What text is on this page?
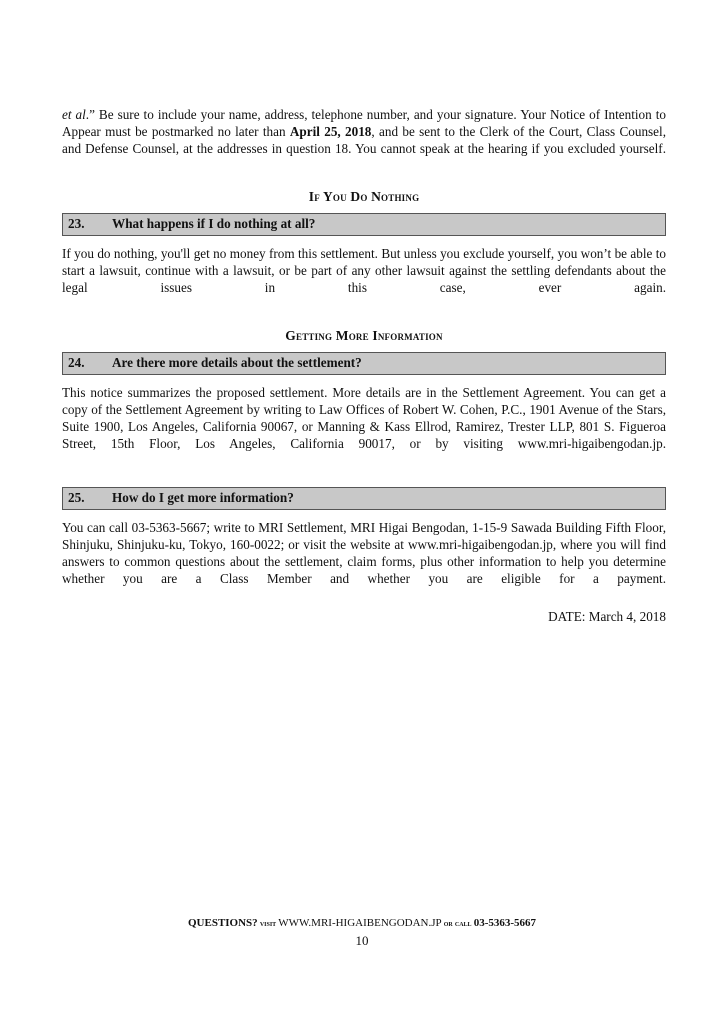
et al.” Be sure to include your name, address, telephone number, and your signature. Your Notice of Intention to Appear must be postmarked no later than April 25, 2018, and be sent to the Clerk of the Court, Class Counsel, and Defense Counsel, at the addresses in question 18. You cannot speak at the hearing if you excluded yourself.

If You Do Nothing
23.	What happens if I do nothing at all?

If you do nothing, you'll get no money from this settlement. But unless you exclude yourself, you won’t be able to start a lawsuit, continue with a lawsuit, or be part of any other lawsuit against the settling defendants about the legal issues in this case, ever again.

Getting More Information
24.	Are there more details about the settlement?

This notice summarizes the proposed settlement. More details are in the Settlement Agreement. You can get a copy of the Settlement Agreement by writing to Law Offices of Robert W. Cohen, P.C., 1901 Avenue of the Stars, Suite 1900, Los Angeles, California 90067, or Manning & Kass Ellrod, Ramirez, Trester LLP, 801 S. Figueroa Street, 15th Floor, Los Angeles, California 90017, or by visiting www.mri-higaibengodan.jp.

25.	How do I get more information?

You can call 03-5363-5667; write to MRI Settlement, MRI Higai Bengodan, 1-15-9 Sawada Building Fifth Floor, Shinjuku, Shinjuku-ku, Tokyo, 160-0022; or visit the website at www.mri-higaibengodan.jp, where you will find answers to common questions about the settlement, claim forms, plus other information to help you determine whether you are a Class Member and whether you are eligible for a payment.

DATE: March 4, 2018
QUESTIONS? visit WWW.MRI-HIGAIBENGODAN.JP or call 03-5363-5667
10
